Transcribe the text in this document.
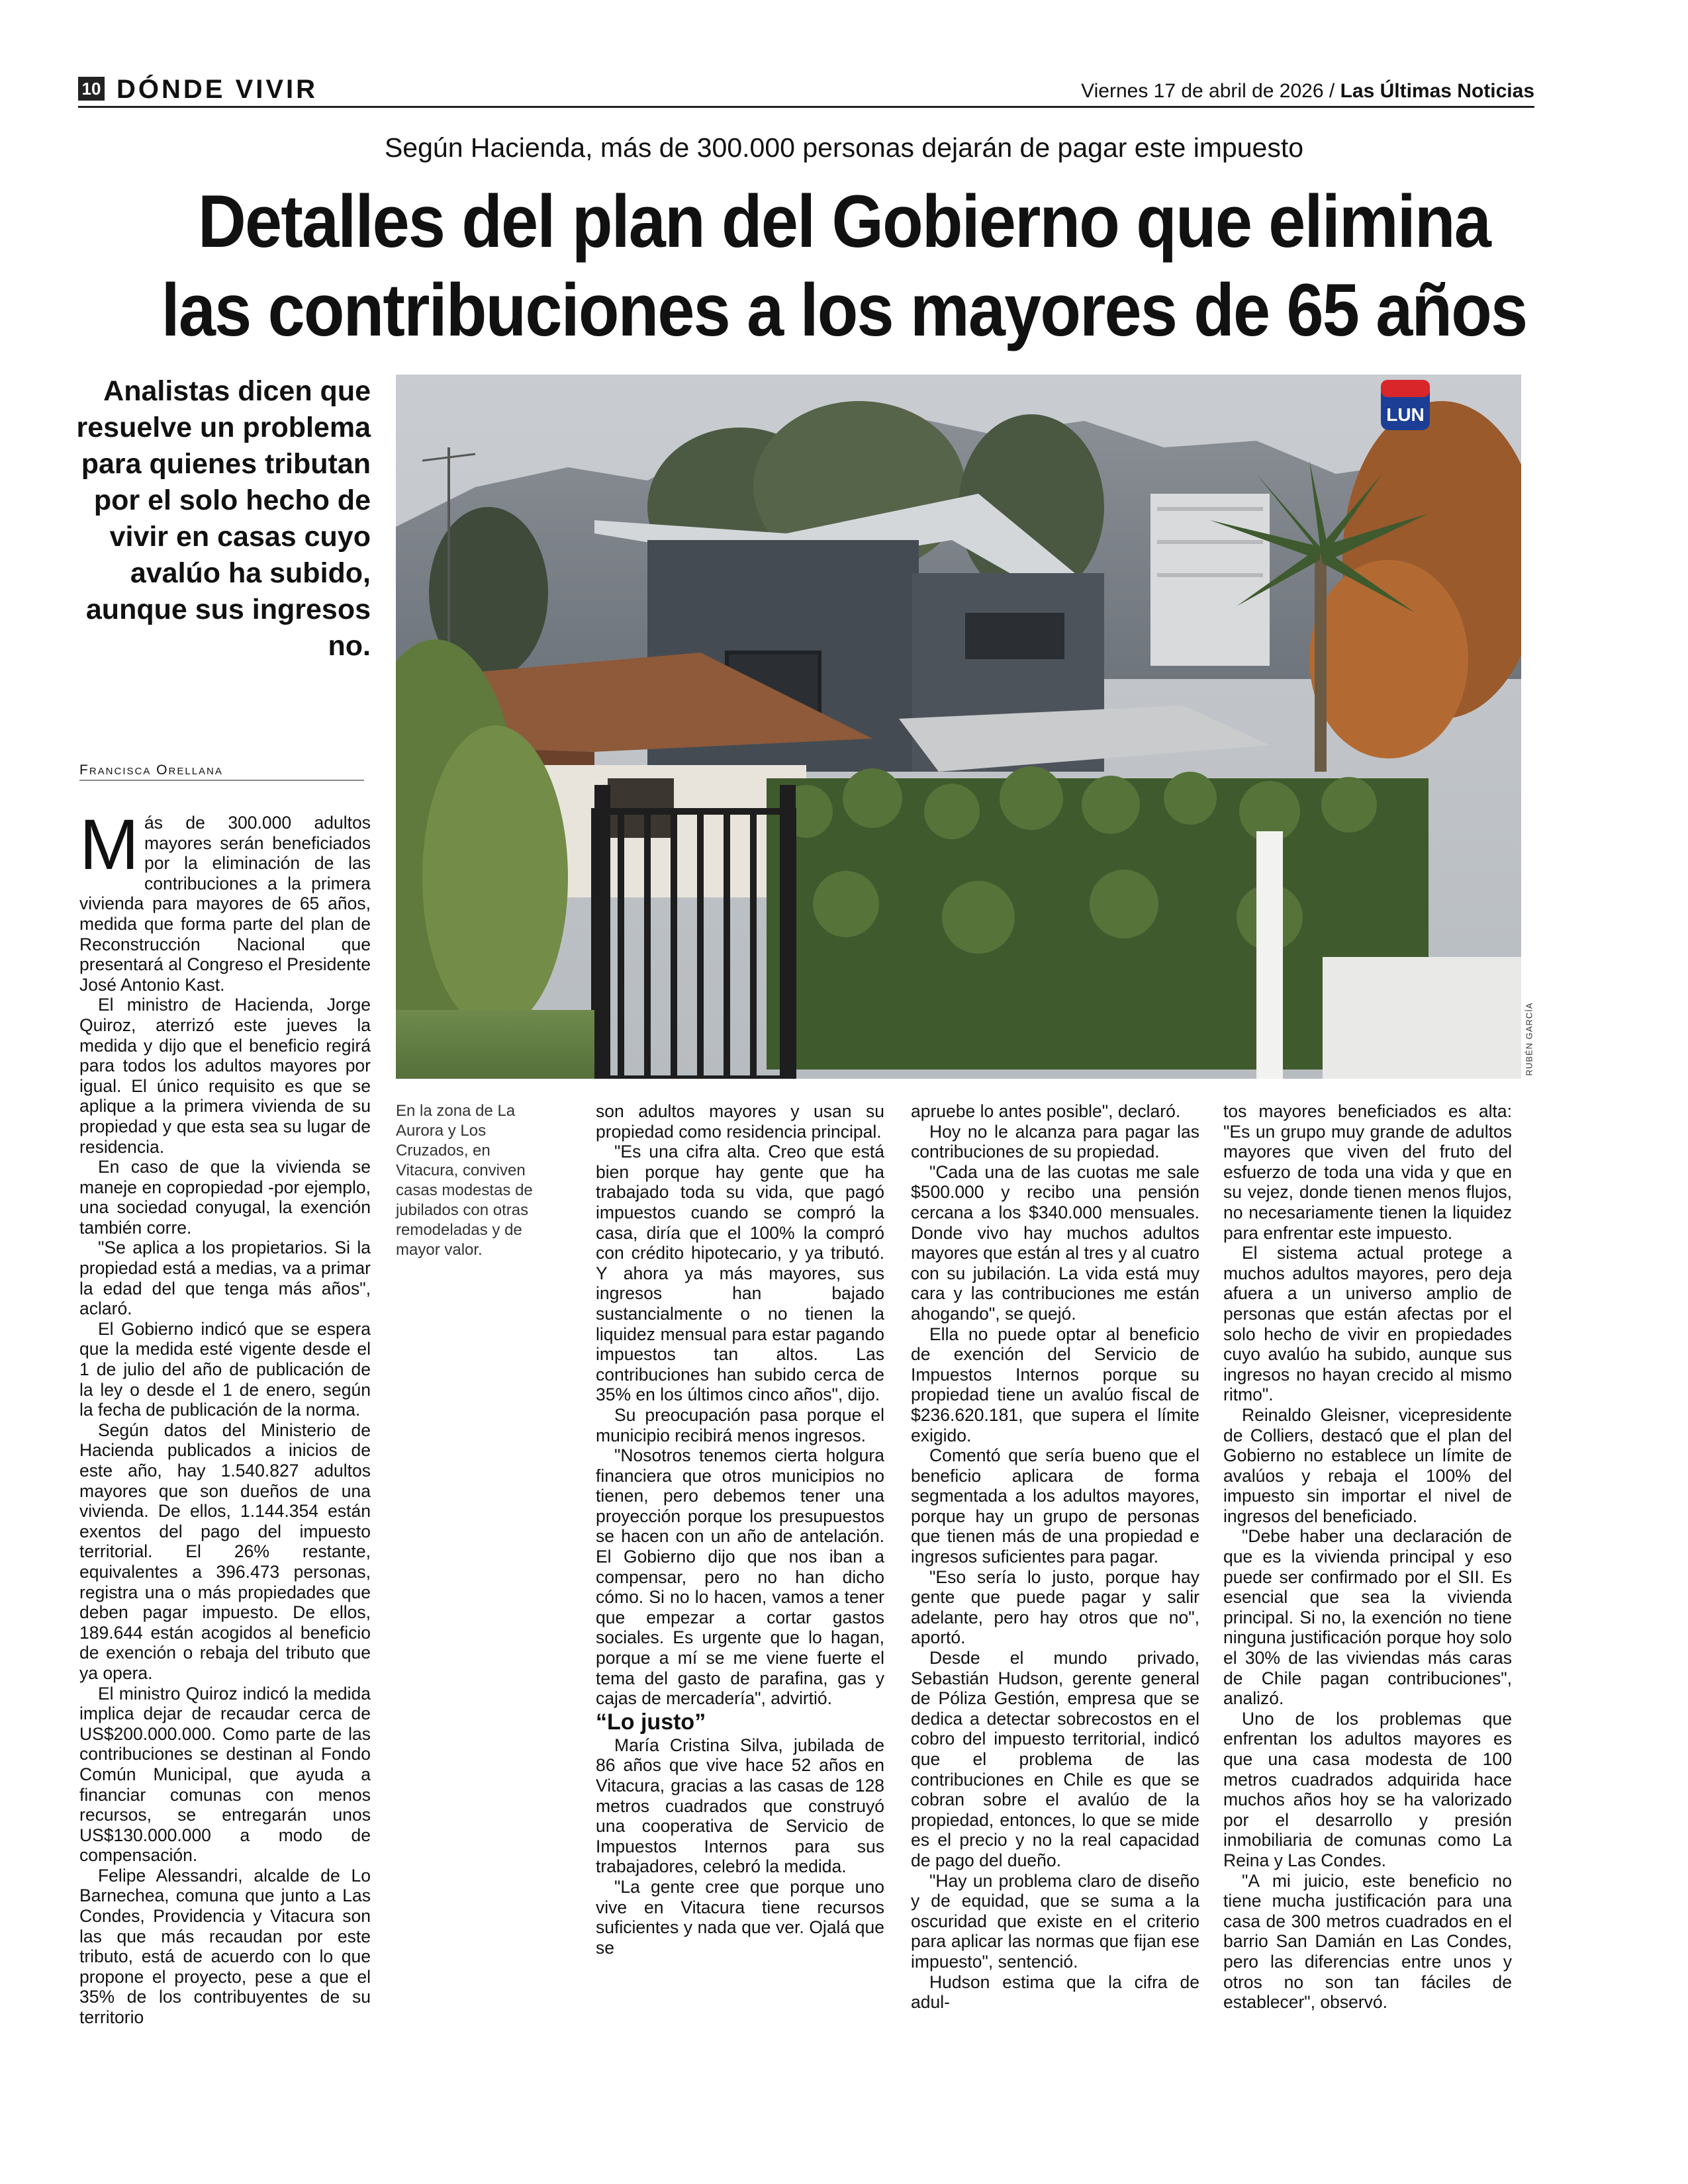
10 DÓNDE VIVIR	Viernes 17 de abril de 2026 / Las Últimas Noticias
Según Hacienda, más de 300.000 personas dejarán de pagar este impuesto
Detalles del plan del Gobierno que elimina
las contribuciones a los mayores de 65 años
Analistas dicen que resuelve un problema para quienes tributan por el solo hecho de vivir en casas cuyo avalúo ha subido, aunque sus ingresos no.
Francisca Orellana
LUN
RUBÉN GARCÍA
En la zona de La Aurora y Los Cruzados, en Vitacura, conviven casas modestas de jubilados con otras remodeladas y de mayor valor.

Más de 300.000 adultos mayores serán beneficiados por la eliminación de las contribuciones a la primera vivienda para mayores de 65 años, medida que forma parte del plan de Reconstrucción Nacional que presentará al Congreso el Presidente José Antonio Kast.

El ministro de Hacienda, Jorge Quiroz, aterrizó este jueves la medida y dijo que el beneficio regirá para todos los adultos mayores por igual. El único requisito es que se aplique a la primera vivienda de su propiedad y que esta sea su lugar de residencia.

En caso de que la vivienda se maneje en copropiedad -por ejemplo, una sociedad conyugal, la exención también corre.

"Se aplica a los propietarios. Si la propiedad está a medias, va a primar la edad del que tenga más años", aclaró.

El Gobierno indicó que se espera que la medida esté vigente desde el 1 de julio del año de publicación de la ley o desde el 1 de enero, según la fecha de publicación de la norma.

Según datos del Ministerio de Hacienda publicados a inicios de este año, hay 1.540.827 adultos mayores que son dueños de una vivienda. De ellos, 1.144.354 están exentos del pago del impuesto territorial. El 26% restante, equivalentes a 396.473 personas, registra una o más propiedades que deben pagar impuesto. De ellos, 189.644 están acogidos al beneficio de exención o rebaja del tributo que ya opera.

El ministro Quiroz indicó la medida implica dejar de recaudar cerca de US$200.000.000. Como parte de las contribuciones se destinan al Fondo Común Municipal, que ayuda a financiar comunas con menos recursos, se entregarán unos US$130.000.000 a modo de compensación.

Felipe Alessandri, alcalde de Lo Barnechea, comuna que junto a Las Condes, Providencia y Vitacura son las que más recaudan por este tributo, está de acuerdo con lo que propone el proyecto, pese a que el 35% de los contribuyentes de su territorio

son adultos mayores y usan su propiedad como residencia principal.

"Es una cifra alta. Creo que está bien porque hay gente que ha trabajado toda su vida, que pagó impuestos cuando se compró la casa, diría que el 100% la compró con crédito hipotecario, y ya tributó. Y ahora ya más mayores, sus ingresos han bajado sustancialmente o no tienen la liquidez mensual para estar pagando impuestos tan altos. Las contribuciones han subido cerca de 35% en los últimos cinco años", dijo.

Su preocupación pasa porque el municipio recibirá menos ingresos.

"Nosotros tenemos cierta holgura financiera que otros municipios no tienen, pero debemos tener una proyección porque los presupuestos se hacen con un año de antelación. El Gobierno dijo que nos iban a compensar, pero no han dicho cómo. Si no lo hacen, vamos a tener que empezar a cortar gastos sociales. Es urgente que lo hagan, porque a mí se me viene fuerte el tema del gasto de parafina, gas y cajas de mercadería", advirtió.

“Lo justo”

María Cristina Silva, jubilada de 86 años que vive hace 52 años en Vitacura, gracias a las casas de 128 metros cuadrados que construyó una cooperativa de Servicio de Impuestos Internos para sus trabajadores, celebró la medida.

"La gente cree que porque uno vive en Vitacura tiene recursos suficientes y nada que ver. Ojalá que se

apruebe lo antes posible", declaró.

Hoy no le alcanza para pagar las contribuciones de su propiedad.

"Cada una de las cuotas me sale $500.000 y recibo una pensión cercana a los $340.000 mensuales. Donde vivo hay muchos adultos mayores que están al tres y al cuatro con su jubilación. La vida está muy cara y las contribuciones me están ahogando", se quejó.

Ella no puede optar al beneficio de exención del Servicio de Impuestos Internos porque su propiedad tiene un avalúo fiscal de $236.620.181, que supera el límite exigido.

Comentó que sería bueno que el beneficio aplicara de forma segmentada a los adultos mayores, porque hay un grupo de personas que tienen más de una propiedad e ingresos suficientes para pagar.

"Eso sería lo justo, porque hay gente que puede pagar y salir adelante, pero hay otros que no", aportó.

Desde el mundo privado, Sebastián Hudson, gerente general de Póliza Gestión, empresa que se dedica a detectar sobrecostos en el cobro del impuesto territorial, indicó que el problema de las contribuciones en Chile es que se cobran sobre el avalúo de la propiedad, entonces, lo que se mide es el precio y no la real capacidad de pago del dueño.

"Hay un problema claro de diseño y de equidad, que se suma a la oscuridad que existe en el criterio para aplicar las normas que fijan ese impuesto", sentenció.

Hudson estima que la cifra de adul-

tos mayores beneficiados es alta: "Es un grupo muy grande de adultos mayores que viven del fruto del esfuerzo de toda una vida y que en su vejez, donde tienen menos flujos, no necesariamente tienen la liquidez para enfrentar este impuesto.

El sistema actual protege a muchos adultos mayores, pero deja afuera a un universo amplio de personas que están afectas por el solo hecho de vivir en propiedades cuyo avalúo ha subido, aunque sus ingresos no hayan crecido al mismo ritmo".

Reinaldo Gleisner, vicepresidente de Colliers, destacó que el plan del Gobierno no establece un límite de avalúos y rebaja el 100% del impuesto sin importar el nivel de ingresos del beneficiado.

"Debe haber una declaración de que es la vivienda principal y eso puede ser confirmado por el SII. Es esencial que sea la vivienda principal. Si no, la exención no tiene ninguna justificación porque hoy solo el 30% de las viviendas más caras de Chile pagan contribuciones", analizó.

Uno de los problemas que enfrentan los adultos mayores es que una casa modesta de 100 metros cuadrados adquirida hace muchos años hoy se ha valorizado por el desarrollo y presión inmobiliaria de comunas como La Reina y Las Condes.

"A mi juicio, este beneficio no tiene mucha justificación para una casa de 300 metros cuadrados en el barrio San Damián en Las Condes, pero las diferencias entre unos y otros no son tan fáciles de establecer", observó.
